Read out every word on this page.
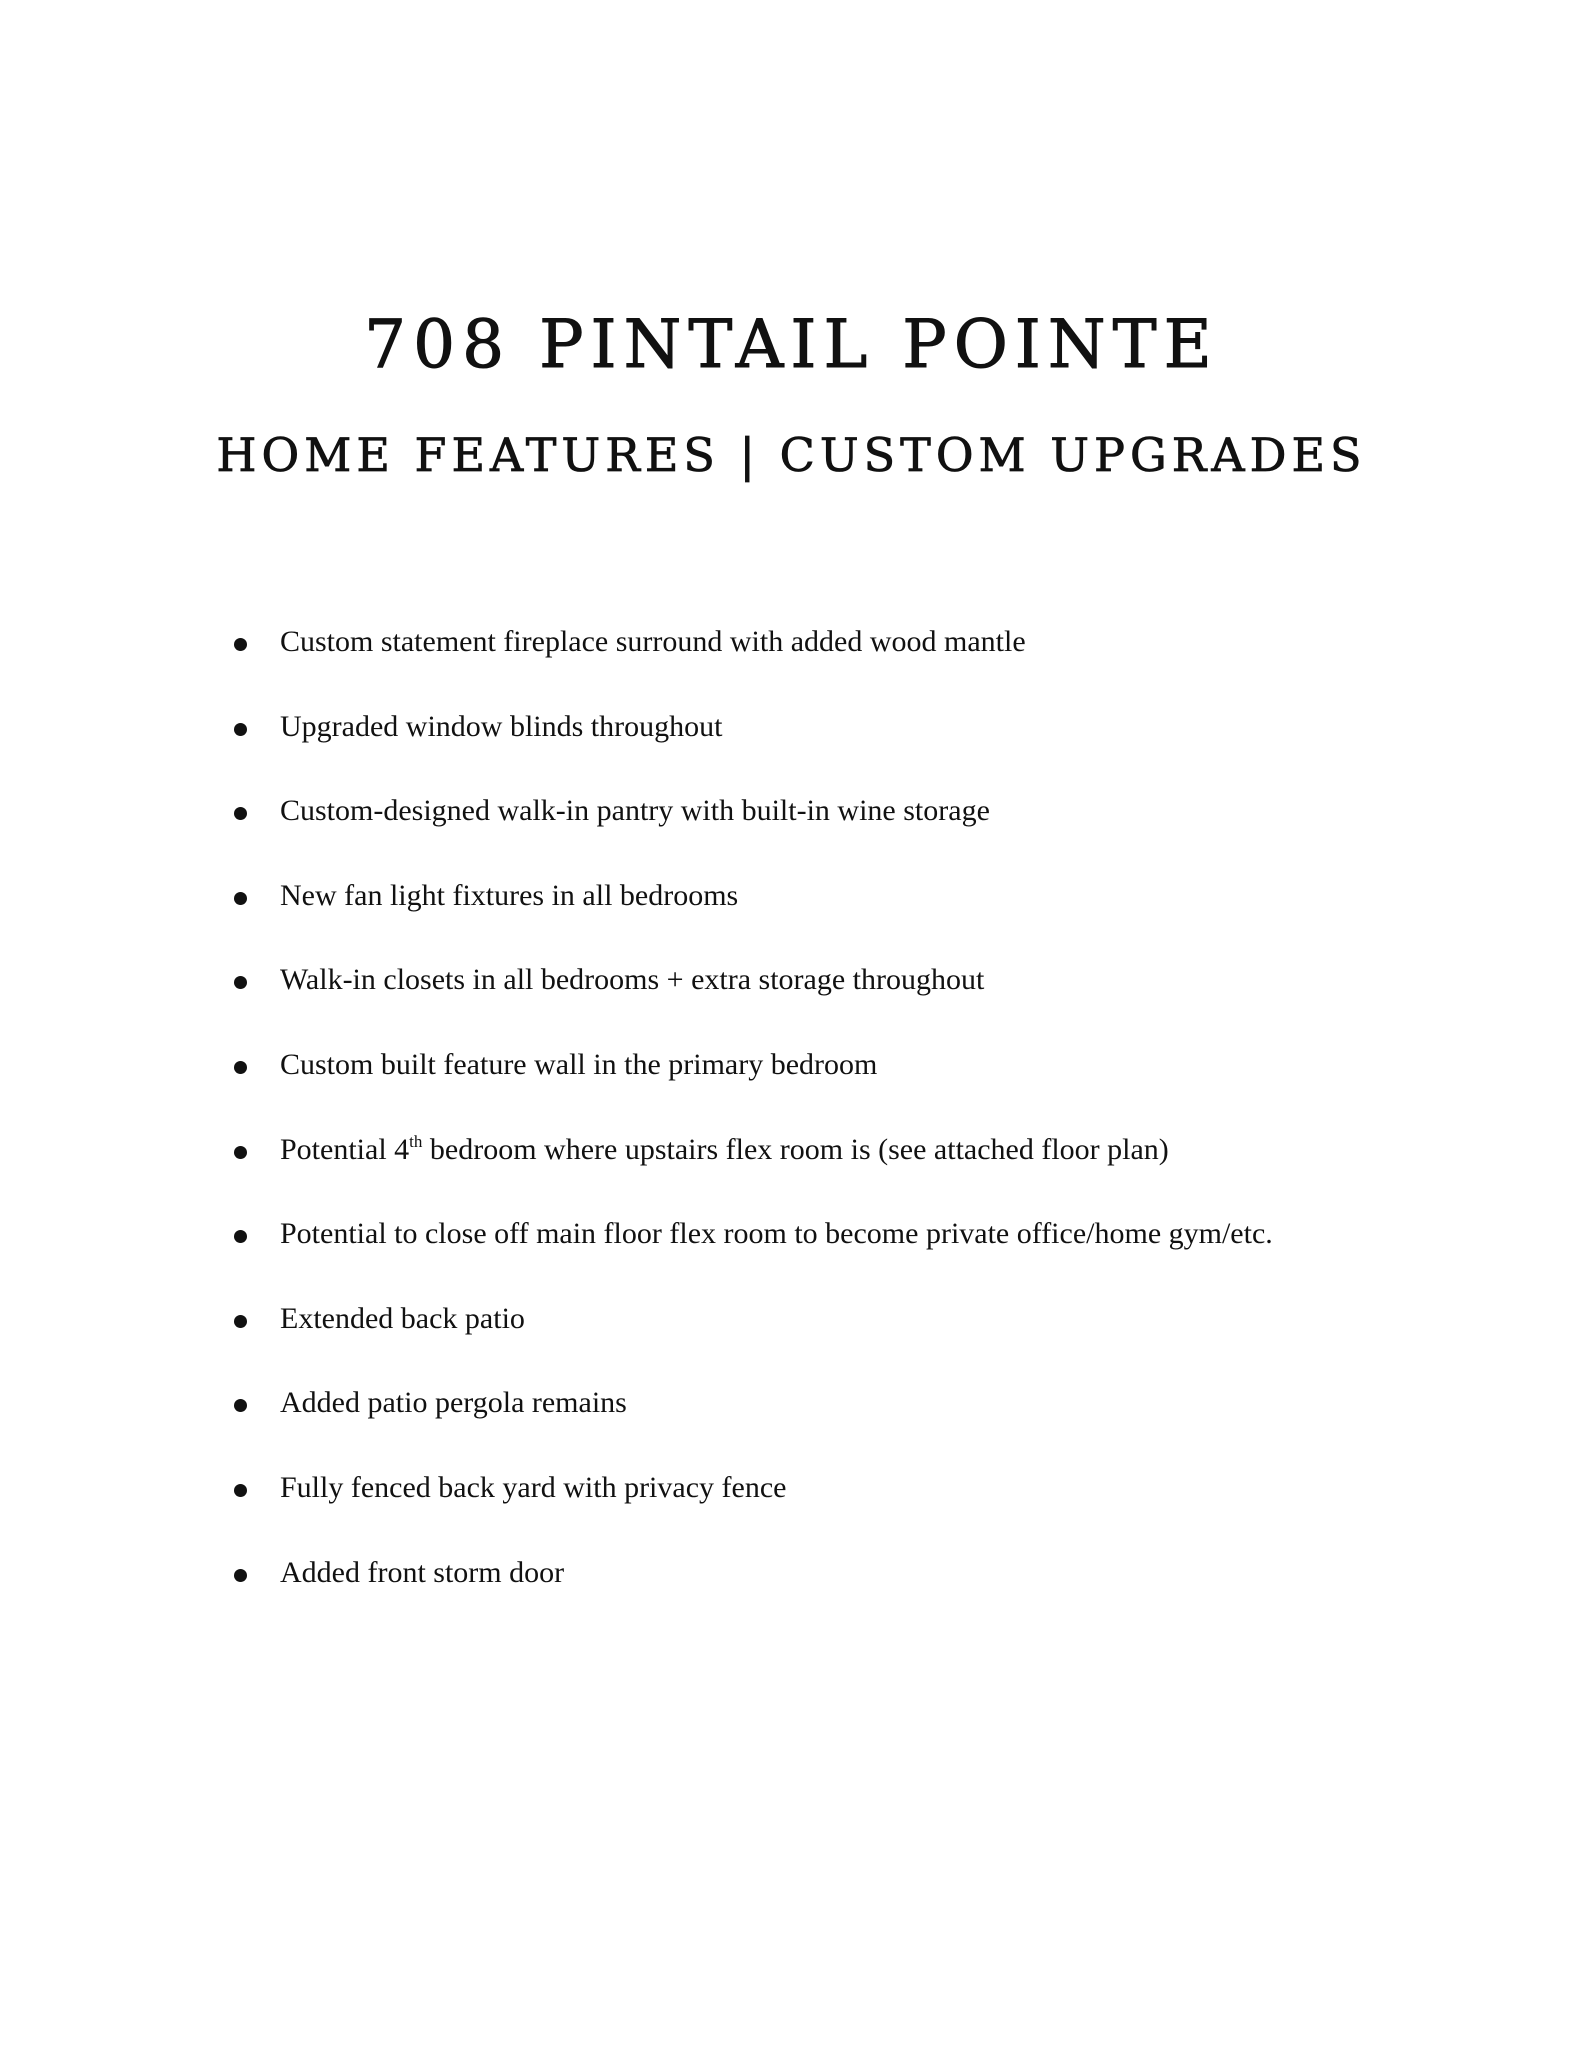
708 PINTAIL POINTE
HOME FEATURES | CUSTOM UPGRADES
Custom statement fireplace surround with added wood mantle
Upgraded window blinds throughout
Custom-designed walk-in pantry with built-in wine storage
New fan light fixtures in all bedrooms
Walk-in closets in all bedrooms + extra storage throughout
Custom built feature wall in the primary bedroom
Potential 4th bedroom where upstairs flex room is (see attached floor plan)
Potential to close off main floor flex room to become private office/home gym/etc.
Extended back patio
Added patio pergola remains
Fully fenced back yard with privacy fence
Added front storm door
